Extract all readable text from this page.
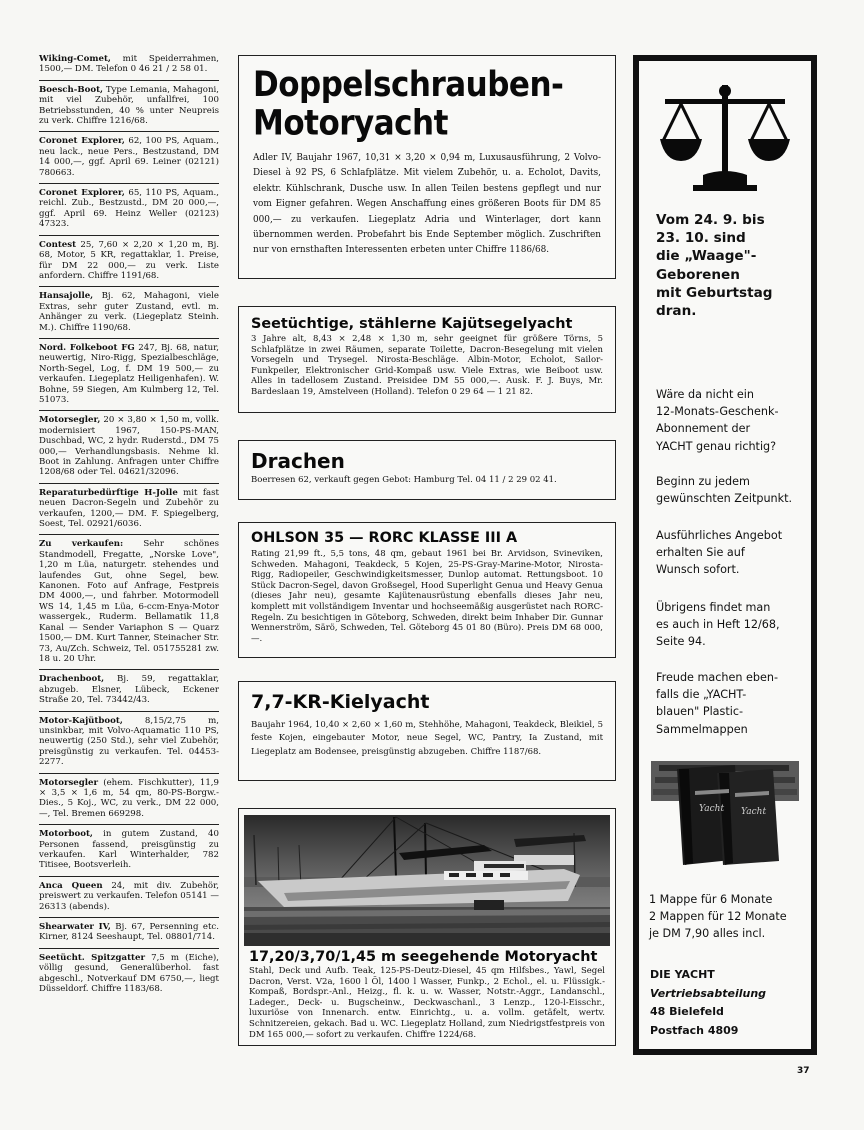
Wiking-Comet, mit Speiderrahmen, 1500,— DM. Telefon 0 46 21 / 2 58 01.
Boesch-Boot, Type Lemania, Mahagoni, mit viel Zubehör, unfallfrei, 100 Betriebsstunden, 40 % unter Neupreis zu verk. Chiffre 1216/68.
Coronet Explorer, 62, 100 PS, Aquam., neu lack., neue Pers., Bestzustand, DM 14 000,—, ggf. April 69. Leiner (02121) 780663.
Coronet Explorer, 65, 110 PS, Aquam., reichl. Zub., Bestzustd., DM 20 000,—, ggf. April 69. Heinz Weller (02123) 47323.
Contest 25, 7,60 × 2,20 × 1,20 m, Bj. 68, Motor, 5 KR, regattaklar, 1. Preise, für DM 22 000,— zu verk. Liste anfordern. Chiffre 1191/68.
Hansajolle, Bj. 62, Mahagoni, viele Extras, sehr guter Zustand, evtl. m. Anhänger zu verk. (Liegeplatz Steinh. M.). Chiffre 1190/68.
Nord. Folkeboot FG 247, Bj. 68, natur, neuwertig, Niro-Rigg, Spezialbeschläge, North-Segel, Log, f. DM 19 500,— zu verkaufen. Liegeplatz Heiligenhafen). W. Bohne, 59 Siegen, Am Kulmberg 12, Tel. 51073.
Motorsegler, 20 × 3,80 × 1,50 m, vollk. modernisiert 1967, 150-PS-MAN, Duschbad, WC, 2 hydr. Ruderstd., DM 75 000,— Verhandlungsbasis. Nehme kl. Boot in Zahlung. Anfragen unter Chiffre 1208/68 oder Tel. 04621/32096.
Reparaturbedürftige H-Jolle mit fast neuen Dacron-Segeln und Zubehör zu verkaufen, 1200,— DM. F. Spiegelberg, Soest, Tel. 02921/6036.
Zu verkaufen: Sehr schönes Standmodell, Fregatte, „Norske Love", 1,20 m Lüa, naturgetr. stehendes und laufendes Gut, ohne Segel, bew. Kanonen. Foto auf Anfrage, Festpreis DM 4000,—, und fahrber. Motormodell WS 14, 1,45 m Lüa, 6-ccm-Enya-Motor wassergek., Ruderm. Bellamatik 11,8 Kanal — Sender Variaphon S — Quarz 1500,— DM. Kurt Tanner, Steinacher Str. 73, Au/Zch. Schweiz, Tel. 051755281 zw. 18 u. 20 Uhr.
Drachenboot, Bj. 59, regattaklar, abzugeb. Elsner, Lübeck, Eckener Straße 20, Tel. 73442/43.
Motor-Kajütboot, 8,15/2,75 m, unsinkbar, mit Volvo-Aquamatic 110 PS, neuwertig (250 Std.), sehr viel Zubehör, preisgünstig zu verkaufen. Tel. 04453-2277.
Motorsegler (ehem. Fischkutter), 11,9 × 3,5 × 1,6 m, 54 qm, 80-PS-Borgw.-Dies., 5 Koj., WC, zu verk., DM 22 000,—, Tel. Bremen 669298.
Motorboot, in gutem Zustand, 40 Personen fassend, preisgünstig zu verkaufen. Karl Winterhalder, 782 Titisee, Bootsverleih.
Anca Queen 24, mit div. Zubehör, preiswert zu verkaufen. Telefon 05141 — 26313 (abends).
Shearwater IV, Bj. 67, Persenning etc. Kirner, 8124 Seeshaupt, Tel. 08801/714.
Seetücht. Spitzgatter 7,5 m (Eiche), völlig gesund, Generalüberhol. fast abgeschl., Notverkauf DM 6750,—, liegt Düsseldorf. Chiffre 1183/68.
Doppelschrauben-
Motoryacht
Adler IV, Baujahr 1967, 10,31 × 3,20 × 0,94 m, Luxusausführung, 2 Volvo-Diesel à 92 PS, 6 Schlafplätze. Mit vielem Zubehör, u. a. Echolot, Davits, elektr. Kühlschrank, Dusche usw. In allen Teilen bestens gepflegt und nur vom Eigner gefahren. Wegen Anschaffung eines größeren Boots für DM 85 000,— zu verkaufen. Liegeplatz Adria und Winterlager, dort kann übernommen werden. Probefahrt bis Ende September möglich. Zuschriften nur von ernsthaften Interessenten erbeten unter Chiffre 1186/68.
Seetüchtige, stählerne Kajütsegelyacht
3 Jahre alt, 8,43 × 2,48 × 1,30 m, sehr geeignet für größere Törns, 5 Schlafplätze in zwei Räumen, separate Toilette, Dacron-Besegelung mit vielen Vorsegeln und Trysegel. Nirosta-Beschläge. Albin-Motor, Echolot, Sailor-Funkpeiler, Elektronischer Grid-Kompaß usw. Viele Extras, wie Beiboot usw. Alles in tadellosem Zustand. Preisidee DM 55 000,—. Ausk. F. J. Buys, Mr. Bardeslaan 19, Amstelveen (Holland). Telefon 0 29 64 — 1 21 82.
Drachen
Boerresen 62, verkauft gegen Gebot: Hamburg Tel. 04 11 / 2 29 02 41.
OHLSON 35 — RORC KLASSE III A
Rating 21,99 ft., 5,5 tons, 48 qm, gebaut 1961 bei Br. Arvidson, Svineviken, Schweden. Mahagoni, Teakdeck, 5 Kojen, 25-PS-Gray-Marine-Motor, Nirosta-Rigg, Radiopeiler, Geschwindigkeitsmesser, Dunlop automat. Rettungsboot. 10 Stück Dacron-Segel, davon Großsegel, Hood Superlight Genua und Heavy Genua (dieses Jahr neu), gesamte Kajütenausrüstung ebenfalls dieses Jahr neu, komplett mit vollständigem Inventar und hochseemäßig ausgerüstet nach RORC-Regeln. Zu besichtigen in Göteborg, Schweden, direkt beim Inhaber Dir. Gunnar Wennerström, Särö, Schweden, Tel. Göteborg 45 01 80 (Büro). Preis DM 68 000,—.
7,7-KR-Kielyacht
Baujahr 1964, 10,40 × 2,60 × 1,60 m, Stehhöhe, Mahagoni, Teakdeck, Bleikiel, 5 feste Kojen, eingebauter Motor, neue Segel, WC, Pantry, Ia Zustand, mit Liegeplatz am Bodensee, preisgünstig abzugeben. Chiffre 1187/68.
17,20/3,70/1,45 m seegehende Motoryacht
Stahl, Deck und Aufb. Teak, 125-PS-Deutz-Diesel, 45 qm Hilfsbes., Yawl, Segel Dacron, Verst. V2a, 1600 l Öl, 1400 l Wasser, Funkp., 2 Echol., el. u. Flüssigk.-Kompaß, Bordspr.-Anl., Heizg., fl. k. u. w. Wasser, Notstr.-Aggr., Landanschl., Ladeger., Deck- u. Bugscheinw., Deckwaschanl., 3 Lenzp., 120-l-Eisschr., luxuriöse von Innenarch. entw. Einrichtg., u. a. vollm. getäfelt, wertv. Schnitzereien, gekach. Bad u. WC. Liegeplatz Holland, zum Niedrigstfestpreis von DM 165 000,— sofort zu verkaufen. Chiffre 1224/68.
Vom 24. 9. bis
23. 10. sind
die „Waage"-
Geborenen
mit Geburtstag
dran.
Wäre da nicht ein
12-Monats-Geschenk-
Abonnement der
YACHT genau richtig?
Beginn zu jedem
gewünschten Zeitpunkt.
Ausführliches Angebot
erhalten Sie auf
Wunsch sofort.
Übrigens findet man
es auch in Heft 12/68,
Seite 94.
Freude machen eben-
falls die „YACHT-
blauen" Plastic-
Sammelmappen
Yacht Yacht
1 Mappe für 6 Monate
2 Mappen für 12 Monate
je DM 7,90 alles incl.
DIE YACHT
Vertriebsabteilung
48 Bielefeld
Postfach 4809
37
